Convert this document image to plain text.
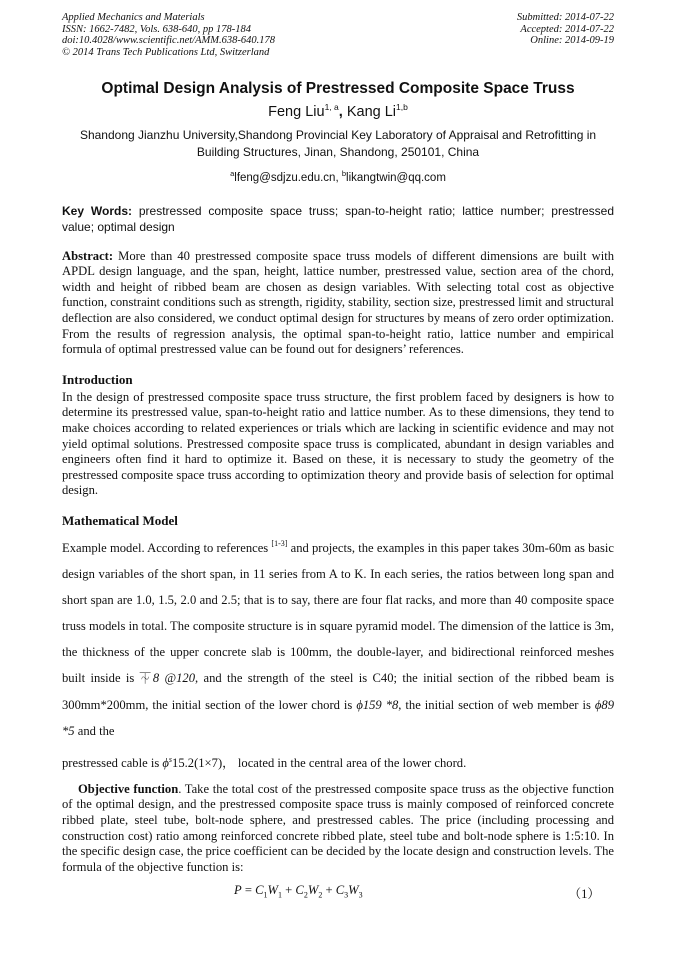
Applied Mechanics and Materials
ISSN: 1662-7482, Vols. 638-640, pp 178-184
doi:10.4028/www.scientific.net/AMM.638-640.178
© 2014 Trans Tech Publications Ltd, Switzerland
Submitted: 2014-07-22
Accepted: 2014-07-22
Online: 2014-09-19
Optimal Design Analysis of Prestressed Composite Space Truss
Feng Liu$^{1, a}$, Kang Li$^{1,b}$
Shandong Jianzhu University,Shandong Provincial Key Laboratory of Appraisal and Retrofitting in Building Structures, Jinan, Shandong, 250101, China
$^a$lfeng@sdjzu.edu.cn, $^b$likangtwin@qq.com
Key Words: prestressed composite space truss; span-to-height ratio; lattice number; prestressed value; optimal design
Abstract: More than 40 prestressed composite space truss models of different dimensions are built with APDL design language, and the span, height, lattice number, prestressed value, section area of the chord, width and height of ribbed beam are chosen as design variables. With selecting total cost as objective function, constraint conditions such as strength, rigidity, stability, section size, prestressed limit and structural deflection are also considered, we conduct optimal design for structures by means of zero order optimization. From the results of regression analysis, the optimal span-to-height ratio, lattice number and empirical formula of optimal prestressed value can be found out for designers’ references.
Introduction
In the design of prestressed composite space truss structure, the first problem faced by designers is how to determine its prestressed value, span-to-height ratio and lattice number. As to these dimensions, they tend to make choices according to related experiences or trials which are lacking in scientific evidence and may not yield optimal solutions. Prestressed composite space truss is complicated, abundant in design variables and engineers often find it hard to optimize it. Based on these, it is necessary to study the geometry of the prestressed composite space truss according to optimization theory and provide basis of selection for optimal design.
Mathematical Model
Example model. According to references [1-3] and projects, the examples in this paper takes 30m-60m as basic design variables of the short span, in 11 series from A to K. In each series, the ratios between long span and short span are 1.0, 1.5, 2.0 and 2.5; that is to say, there are four flat racks, and more than 40 composite space truss models in total. The composite structure is in square pyramid model. The dimension of the lattice is 3m, the thickness of the upper concrete slab is 100mm, the double-layer, and bidirectional reinforced meshes built inside is ⏇8 @120, and the strength of the steel is C40; the initial section of the ribbed beam is 300mm*200mm, the initial section of the lower chord is ϕ159 *8, the initial section of web member is ϕ89 *5 and the
prestressed cable is $\phi^s15.2(1\times 7)$， located in the central area of the lower chord.
Objective function. Take the total cost of the prestressed composite space truss as the objective function of the optimal design, and the prestressed composite space truss is mainly composed of reinforced concrete ribbed plate, steel tube, bolt-node sphere, and prestressed cables. The price (including processing and construction cost) ratio among reinforced concrete ribbed plate, steel tube and bolt-node sphere is 1:5:10. In the specific design case, the price coefficient can be decided by the locate design and construction levels. The formula of the objective function is:
$P = C_1W_1 + C_2W_2 + C_3W_3$	（1）
